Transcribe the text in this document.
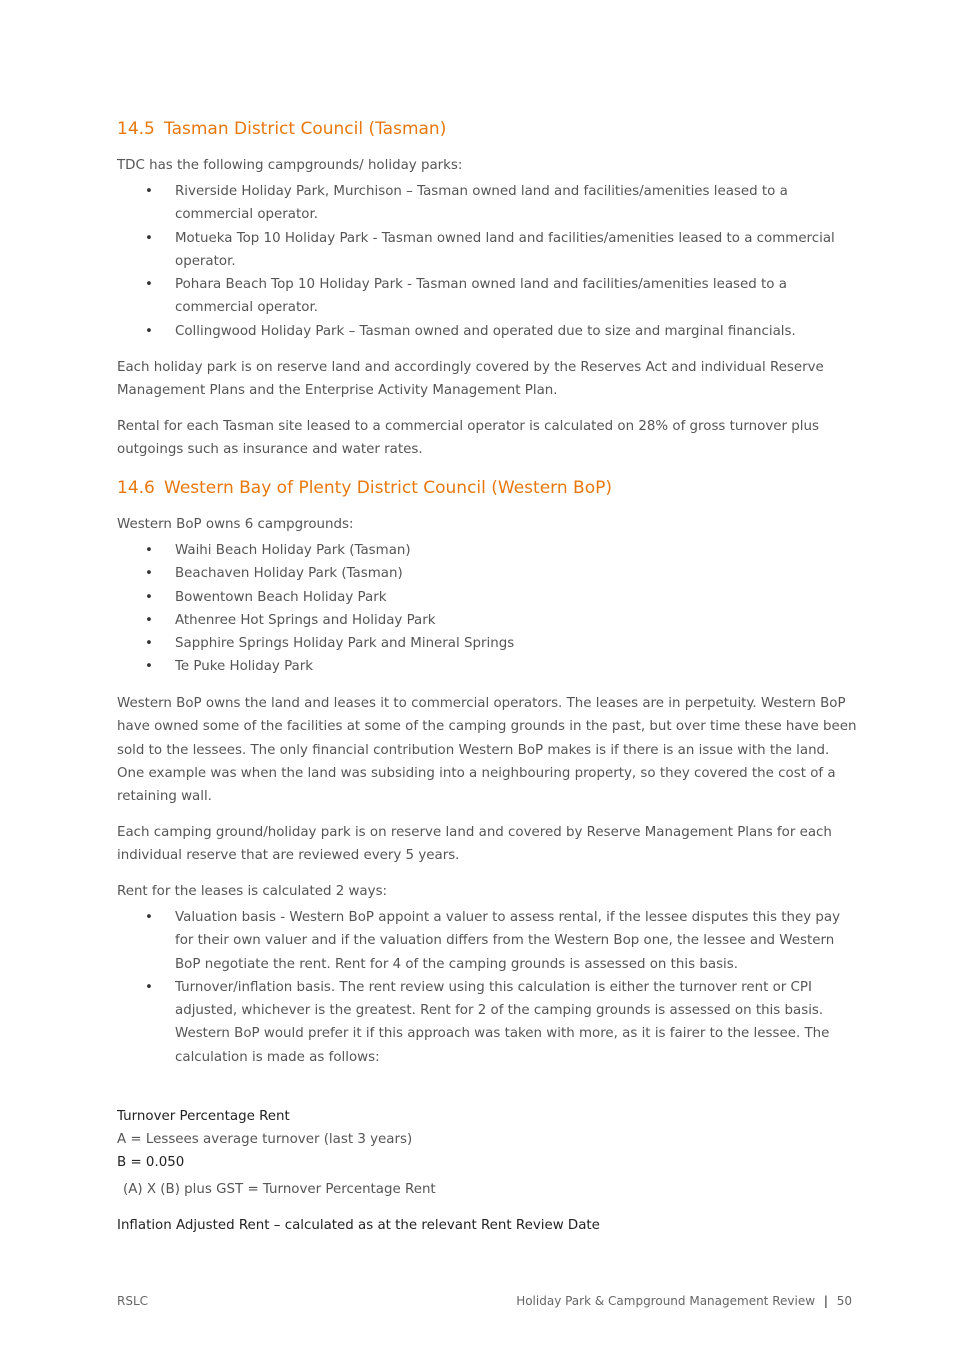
14.5 Tasman District Council (Tasman)

TDC has the following campgrounds/ holiday parks:

• Riverside Holiday Park, Murchison – Tasman owned land and facilities/amenities leased to a commercial operator.
• Motueka Top 10 Holiday Park - Tasman owned land and facilities/amenities leased to a commercial operator.
• Pohara Beach Top 10 Holiday Park - Tasman owned land and facilities/amenities leased to a commercial operator.
• Collingwood Holiday Park – Tasman owned and operated due to size and marginal financials.

Each holiday park is on reserve land and accordingly covered by the Reserves Act and individual Reserve Management Plans and the Enterprise Activity Management Plan.

Rental for each Tasman site leased to a commercial operator is calculated on 28% of gross turnover plus outgoings such as insurance and water rates.

14.6 Western Bay of Plenty District Council (Western BoP)

Western BoP owns 6 campgrounds:

• Waihi Beach Holiday Park (Tasman)
• Beachaven Holiday Park (Tasman)
• Bowentown Beach Holiday Park
• Athenree Hot Springs and Holiday Park
• Sapphire Springs Holiday Park and Mineral Springs
• Te Puke Holiday Park

Western BoP owns the land and leases it to commercial operators. The leases are in perpetuity. Western BoP have owned some of the facilities at some of the camping grounds in the past, but over time these have been sold to the lessees. The only financial contribution Western BoP makes is if there is an issue with the land. One example was when the land was subsiding into a neighbouring property, so they covered the cost of a retaining wall.

Each camping ground/holiday park is on reserve land and covered by Reserve Management Plans for each individual reserve that are reviewed every 5 years.

Rent for the leases is calculated 2 ways:

• Valuation basis - Western BoP appoint a valuer to assess rental, if the lessee disputes this they pay for their own valuer and if the valuation differs from the Western Bop one, the lessee and Western BoP negotiate the rent. Rent for 4 of the camping grounds is assessed on this basis.
• Turnover/inflation basis. The rent review using this calculation is either the turnover rent or CPI adjusted, whichever is the greatest. Rent for 2 of the camping grounds is assessed on this basis. Western BoP would prefer it if this approach was taken with more, as it is fairer to the lessee. The calculation is made as follows:
Turnover Percentage Rent
A = Lessees average turnover (last 3 years)
B = 0.050
(A) X (B) plus GST = Turnover Percentage Rent
Inflation Adjusted Rent – calculated as at the relevant Rent Review Date
RSLC	Holiday Park & Campground Management Review | 50
